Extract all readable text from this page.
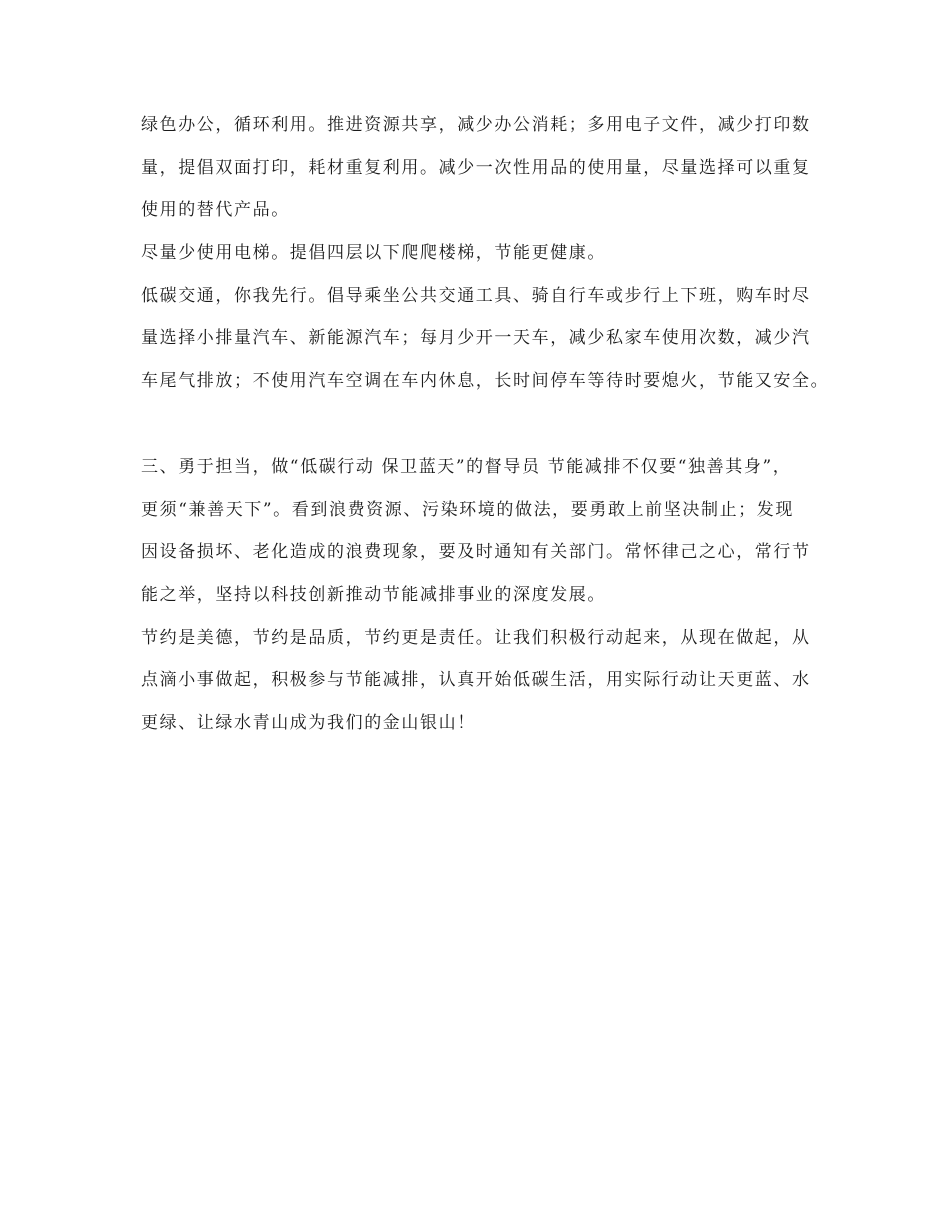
绿色办公，循环利用。推进资源共享，减少办公消耗；多用电子文件，减少打印数
量，提倡双面打印，耗材重复利用。减少一次性用品的使用量，尽量选择可以重复
使用的替代产品。

尽量少使用电梯。提倡四层以下爬爬楼梯，节能更健康。

低碳交通，你我先行。倡导乘坐公共交通工具、骑自行车或步行上下班，购车时尽
量选择小排量汽车、新能源汽车；每月少开一天车，减少私家车使用次数，减少汽
车尾气排放；不使用汽车空调在车内休息，长时间停车等待时要熄火，节能又安全。

三、勇于担当，做“低碳行动 保卫蓝天”的督导员 节能减排不仅要“独善其身”，
更须“兼善天下”。看到浪费资源、污染环境的做法，要勇敢上前坚决制止；发现
因设备损坏、老化造成的浪费现象，要及时通知有关部门。常怀律己之心，常行节
能之举，坚持以科技创新推动节能减排事业的深度发展。

节约是美德，节约是品质，节约更是责任。让我们积极行动起来，从现在做起，从
点滴小事做起，积极参与节能减排，认真开始低碳生活，用实际行动让天更蓝、水
更绿、让绿水青山成为我们的金山银山！
